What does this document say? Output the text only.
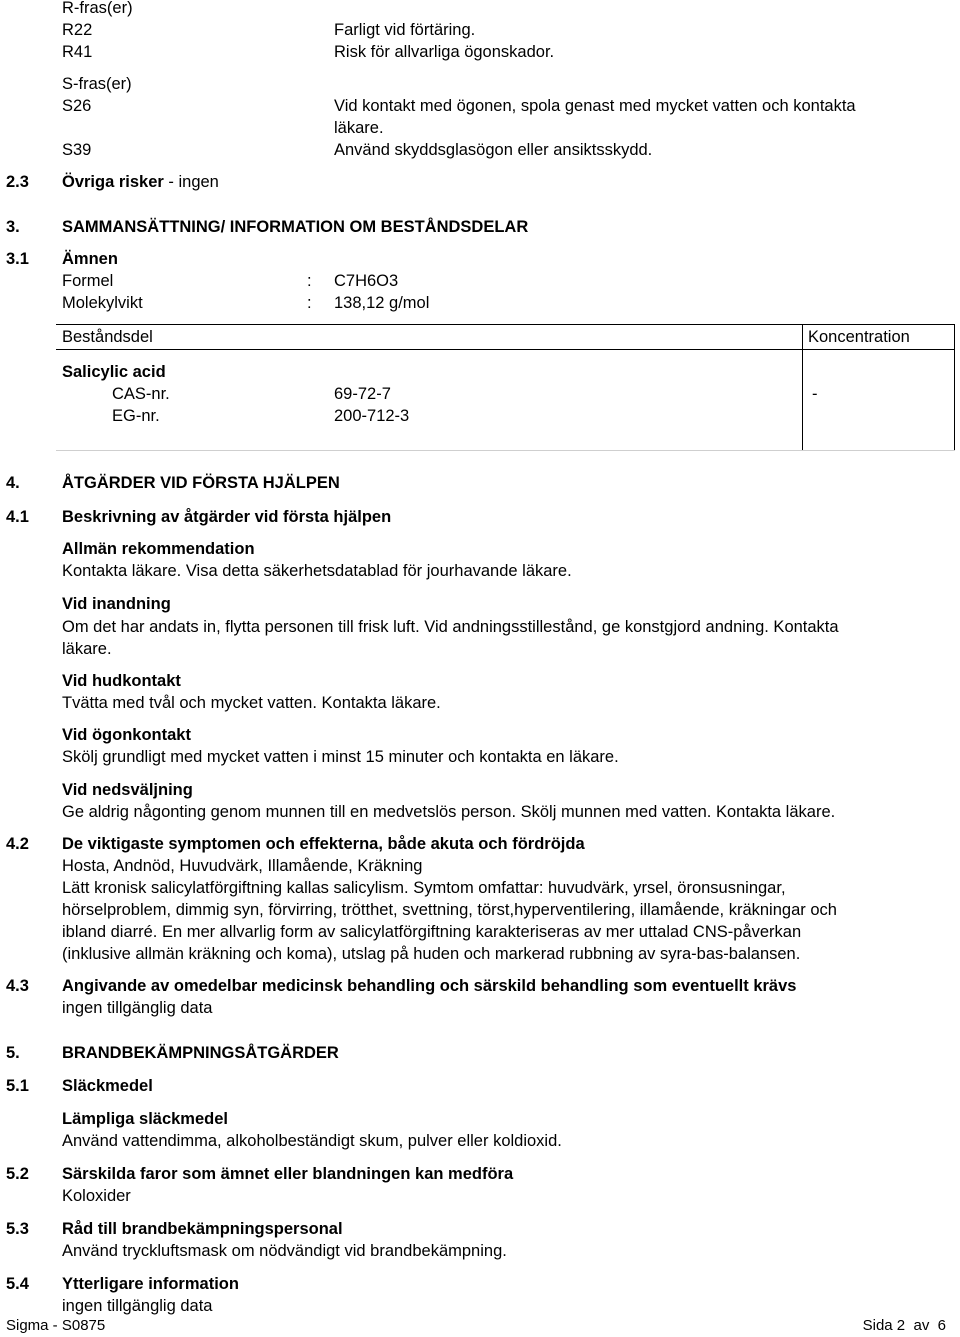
R-fras(er)
R22	Farligt vid förtäring.
R41	Risk för allvarliga ögonskador.
S-fras(er)
S26	Vid kontakt med ögonen, spola genast med mycket vatten och kontakta
läkare.
S39	Använd skyddsglasögon eller ansiktsskydd.
2.3 Övriga risker - ingen
3.	SAMMANSÄTTNING/ INFORMATION OM BESTÅNDSDELAR
3.1 Ämnen
Formel	: C7H6O3
Molekylvikt	: 138,12 g/mol
Beståndsdel	Koncentration
Salicylic acid
CAS-nr.	69-72-7	-
EG-nr.	200-712-3
4.	ÅTGÄRDER VID FÖRSTA HJÄLPEN
4.1 Beskrivning av åtgärder vid första hjälpen
Allmän rekommendation
Kontakta läkare. Visa detta säkerhetsdatablad för jourhavande läkare.
Vid inandning
Om det har andats in, flytta personen till frisk luft. Vid andningsstillestånd, ge konstgjord andning. Kontakta
läkare.
Vid hudkontakt
Tvätta med tvål och mycket vatten. Kontakta läkare.
Vid ögonkontakt
Skölj grundligt med mycket vatten i minst 15 minuter och kontakta en läkare.
Vid nedsväljning
Ge aldrig någonting genom munnen till en medvetslös person. Skölj munnen med vatten. Kontakta läkare.
4.2 De viktigaste symptomen och effekterna, både akuta och fördröjda
Hosta, Andnöd, Huvudvärk, Illamående, Kräkning
Lätt kronisk salicylatförgiftning kallas salicylism. Symtom omfattar: huvudvärk, yrsel, öronsusningar,
hörselproblem, dimmig syn, förvirring, trötthet, svettning, törst,hyperventilering, illamående, kräkningar och
ibland diarré. En mer allvarlig form av salicylatförgiftning karakteriseras av mer uttalad CNS-påverkan
(inklusive allmän kräkning och koma), utslag på huden och markerad rubbning av syra-bas-balansen.
4.3 Angivande av omedelbar medicinsk behandling och särskild behandling som eventuellt krävs
ingen tillgänglig data
5.	BRANDBEKÄMPNINGSÅTGÄRDER
5.1 Släckmedel
Lämpliga släckmedel
Använd vattendimma, alkoholbeständigt skum, pulver eller koldioxid.
5.2 Särskilda faror som ämnet eller blandningen kan medföra
Koloxider
5.3 Råd till brandbekämpningspersonal
Använd tryckluftsmask om nödvändigt vid brandbekämpning.
5.4 Ytterligare information
ingen tillgänglig data
Sigma - S0875	Sida 2  av  6
